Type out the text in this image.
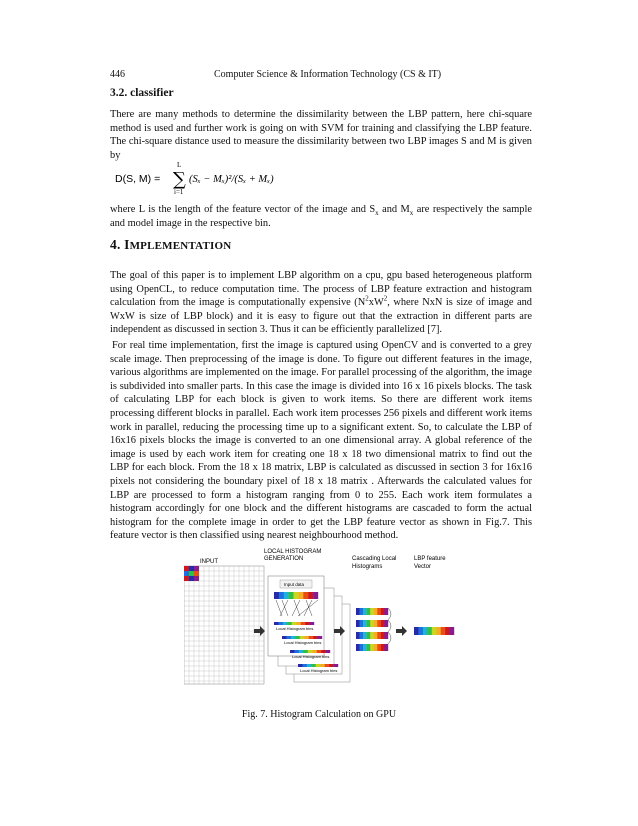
446	Computer Science & Information Technology (CS & IT)
3.2. classifier

There are many methods to determine the dissimilarity between the LBP pattern, here chi-square method is used and further work is going on with SVM for training and classifying the LBP feature. The chi-square distance used to measure the dissimilarity between two LBP images S and M is given by

D(S, M) =
L
∑
i=1
(Sₓ − Mₓ)²/(Sₓ + Mₓ)

where L is the length of the feature vector of the image and $S_x$ and $M_x$ are respectively the sample and model image in the respective bin.

4. IMPLEMENTATION

The goal of this paper is to implement LBP algorithm on a cpu, gpu based heterogeneous platform using OpenCL, to reduce computation time. The process of LBP feature extraction and histogram calculation from the image is computationally expensive ($N^2xW^2$, where NxN is size of image and WxW is size of LBP block) and it is easy to figure out that the extraction in different parts are independent as discussed in section 3. Thus it can be efficiently parallelized [7].

For real time implementation, first the image is captured using OpenCV and is converted to a grey scale image. Then preprocessing of the image is done. To figure out different features in the image, various algorithms are implemented on the image. For parallel processing of the algorithm, the image is subdivided into smaller parts. In this case the image is divided into 16 x 16 pixels blocks. The task of calculating LBP for each block is given to work items. So there are different work items processing different blocks in parallel. Each work item processes 256 pixels and different work items work in parallel, reducing the processing time up to a significant extent. So, to calculate the LBP of 16x16 pixels blocks the image is converted to an one dimensional array. A global reference of the image is used by each work item for creating one 18 x 18 two dimensional matrix to find out the LBP for each block. From the 18 x 18 matrix, LBP is calculated as discussed in section 3 for 16x16 pixels not considering the boundary pixel of 18 x 18 matrix . Afterwards the calculated values for LBP are processed to form a histogram ranging from 0 to 255. Each work item formulates a histogram accordingly for one block and the different histograms are cascaded to form the actual histogram for the complete image in order to get the LBP feature vector as shown in Fig.7. This feature vector is then classified using nearest neighbourhood method.

INPUT
Input data
Local Histogram bins
Local Histogram bins
Local Histogram bins
Local Histogram bins
LOCAL HISTOGRAM
GENERATION	Cascading Local
Histograms
LBP feature
Vector
Fig. 7. Histogram Calculation on GPU
